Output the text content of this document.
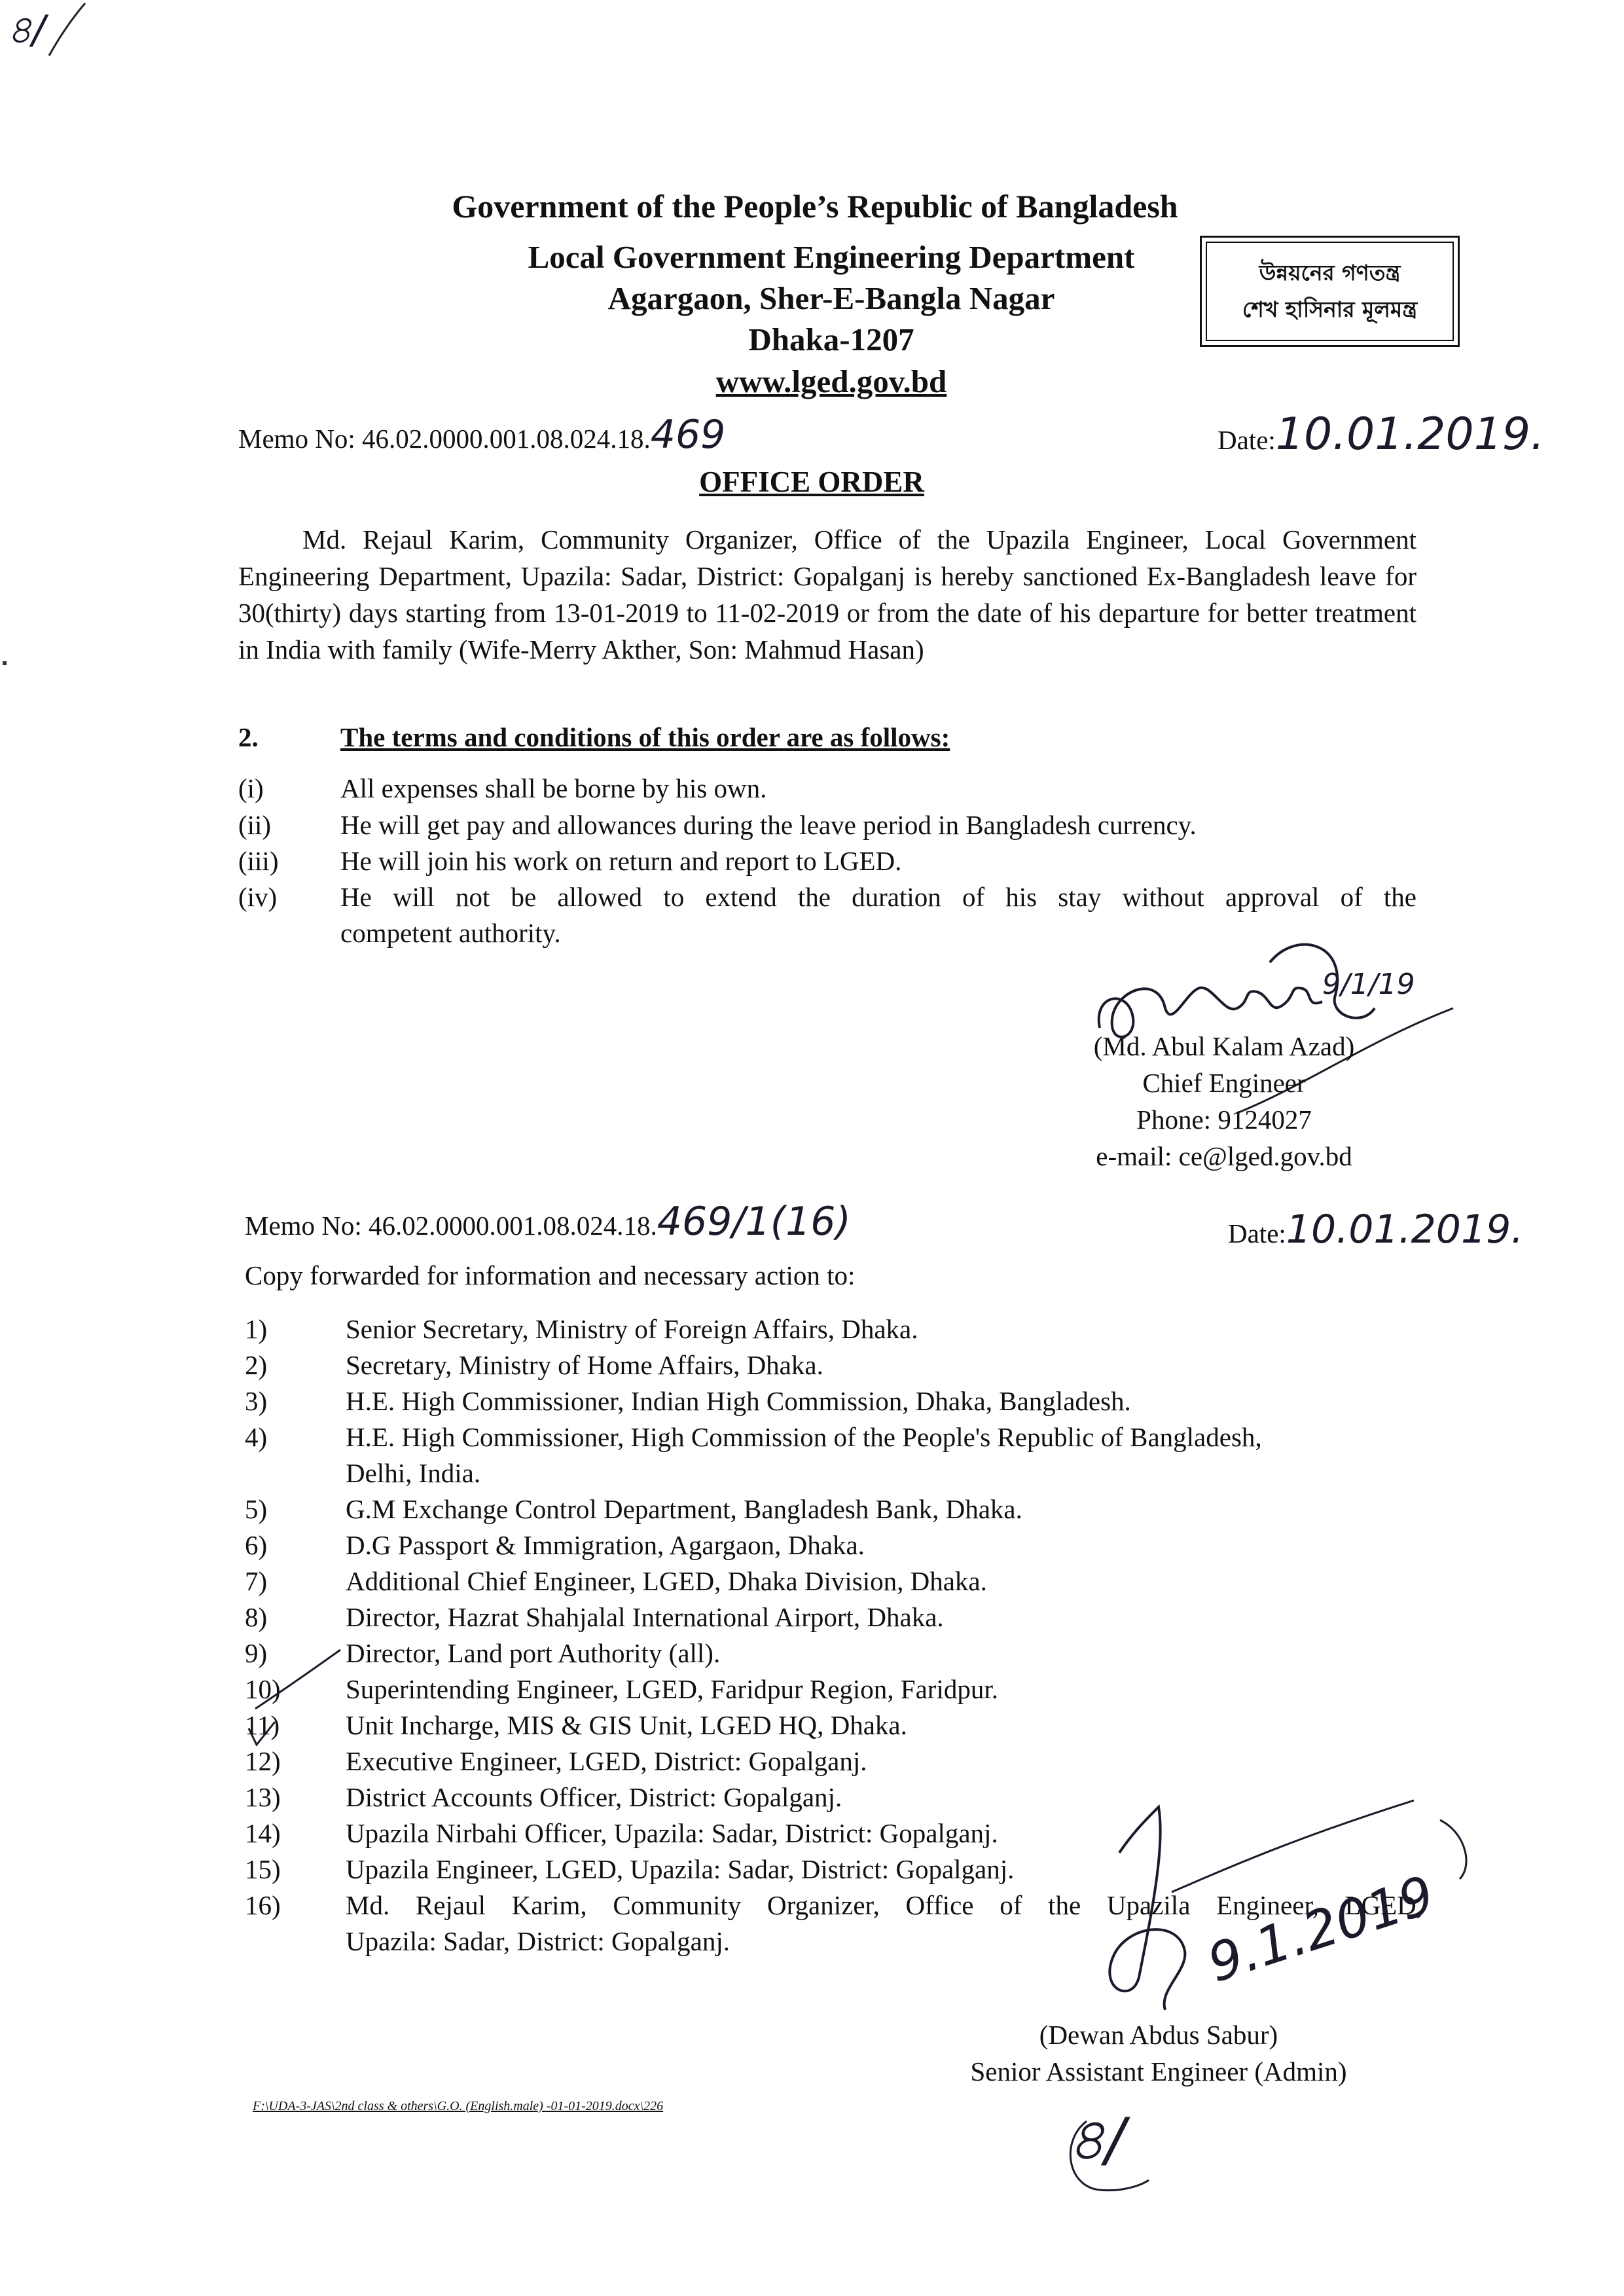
৪/
Government of the People’s Republic of Bangladesh
Local Government Engineering Department
Agargaon, Sher-E-Bangla Nagar
Dhaka-1207
www.lged.gov.bd
উন্নয়নের গণতন্ত্র
শেখ হাসিনার মূলমন্ত্র
Memo No: 46.02.0000.001.08.024.18.469	Date:10.01.2019.
OFFICE ORDER
Md. Rejaul Karim, Community Organizer, Office of the Upazila Engineer, Local Government Engineering Department, Upazila: Sadar, District: Gopalganj is hereby sanctioned Ex-Bangladesh leave for 30(thirty) days starting from 13-01-2019 to 11-02-2019 or from the date of his departure for better treatment in India with family (Wife-Merry Akther, Son: Mahmud Hasan)
2.	The terms and conditions of this order are as follows:
(i)	All expenses shall be borne by his own.
(ii)	He will get pay and allowances during the leave period in Bangladesh currency.
(iii) He will join his work on return and report to LGED.
(iv) He will not be allowed to extend the duration of his stay without approval of the
competent authority.
9/1/19
(Md. Abul Kalam Azad)
Chief Engineer
Phone: 9124027
e-mail: ce@lged.gov.bd
Memo No: 46.02.0000.001.08.024.18.469/1(16)	Date:10.01.2019.
Copy forwarded for information and necessary action to:
1)	Senior Secretary, Ministry of Foreign Affairs, Dhaka.
2)	Secretary, Ministry of Home Affairs, Dhaka.
3)	H.E. High Commissioner, Indian High Commission, Dhaka, Bangladesh.
4)	H.E. High Commissioner, High Commission of the People's Republic of Bangladesh,
Delhi, India.
5)	G.M Exchange Control Department, Bangladesh Bank, Dhaka.
6)	D.G Passport & Immigration, Agargaon, Dhaka.
7)	Additional Chief Engineer, LGED, Dhaka Division, Dhaka.
8)	Director, Hazrat Shahjalal International Airport, Dhaka.
9)	Director, Land port Authority (all).
10) Superintending Engineer, LGED, Faridpur Region, Faridpur.
11) Unit Incharge, MIS & GIS Unit, LGED HQ, Dhaka.
12) Executive Engineer, LGED, District: Gopalganj.
13) District Accounts Officer, District: Gopalganj.
14) Upazila Nirbahi Officer, Upazila: Sadar, District: Gopalganj.
15) Upazila Engineer, LGED, Upazila: Sadar, District: Gopalganj.
16) Md. Rejaul Karim, Community Organizer, Office of the Upazila Engineer, LGED,
Upazila: Sadar, District: Gopalganj.	9.1.2019
(Dewan Abdus Sabur)
Senior Assistant Engineer (Admin)
F:\UDA-3-JAS\2nd class & others\G.O. (English.male) -01-01-2019.docx\226	৪/
